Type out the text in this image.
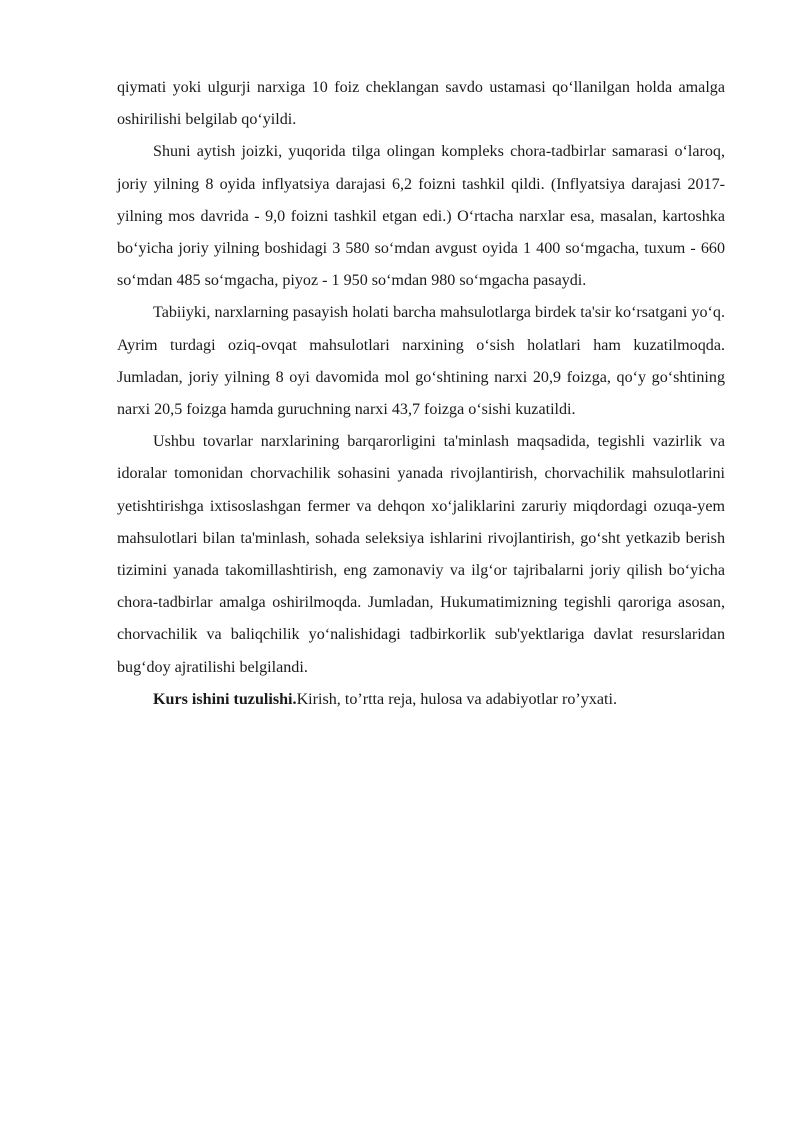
qiymati yoki ulgurji narxiga 10 foiz cheklangan savdo ustamasi qo‘llanilgan holda amalga oshirilishi belgilab qo‘yildi.

Shuni aytish joizki, yuqorida tilga olingan kompleks chora-tadbirlar samarasi o‘laroq, joriy yilning 8 oyida inflyatsiya darajasi 6,2 foizni tashkil qildi. (Inflyatsiya darajasi 2017-yilning mos davrida - 9,0 foizni tashkil etgan edi.) O‘rtacha narxlar esa, masalan, kartoshka bo‘yicha joriy yilning boshidagi 3 580 so‘mdan avgust oyida 1 400 so‘mgacha, tuxum - 660 so‘mdan 485 so‘mgacha, piyoz - 1 950 so‘mdan 980 so‘mgacha pasaydi.

Tabiiyki, narxlarning pasayish holati barcha mahsulotlarga birdek ta'sir ko‘rsatgani yo‘q. Ayrim turdagi oziq-ovqat mahsulotlari narxining o‘sish holatlari ham kuzatilmoqda. Jumladan, joriy yilning 8 oyi davomida mol go‘shtining narxi 20,9 foizga, qo‘y go‘shtining narxi 20,5 foizga hamda guruchning narxi 43,7 foizga o‘sishi kuzatildi.

Ushbu tovarlar narxlarining barqarorligini ta'minlash maqsadida, tegishli vazirlik va idoralar tomonidan chorvachilik sohasini yanada rivojlantirish, chorvachilik mahsulotlarini yetishtirishga ixtisoslashgan fermer va dehqon xo‘jaliklarini zaruriy miqdordagi ozuqa-yem mahsulotlari bilan ta'minlash, sohada seleksiya ishlarini rivojlantirish, go‘sht yetkazib berish tizimini yanada takomillashtirish, eng zamonaviy va ilg‘or tajribalarni joriy qilish bo‘yicha chora-tadbirlar amalga oshirilmoqda. Jumladan, Hukumatimizning tegishli qaroriga asosan, chorvachilik va baliqchilik yo‘nalishidagi tadbirkorlik sub'yektlariga davlat resurslaridan bug‘doy ajratilishi belgilandi.

Kurs ishini tuzulishi.Kirish, to’rtta reja, hulosa va adabiyotlar ro’yxati.
